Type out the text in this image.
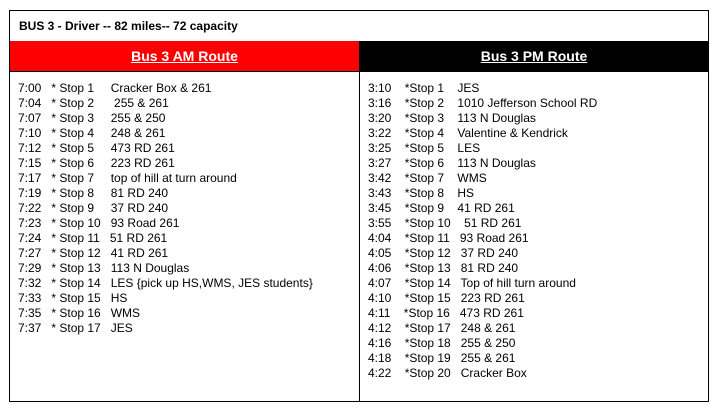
BUS 3 - Driver -- 82 miles-- 72 capacity
Bus 3 AM Route
7:00   * Stop 1     Cracker Box & 261
7:04   * Stop 2      255 & 261
7:07   * Stop 3     255 & 250
7:10   * Stop 4     248 & 261
7:12   * Stop 5     473 RD 261
7:15   * Stop 6     223 RD 261
7:17   * Stop 7     top of hill at turn around
7:19   * Stop 8     81 RD 240
7:22   * Stop 9     37 RD 240
7:23   * Stop 10   93 Road 261
7:24   * Stop 11   51 RD 261
7:27   * Stop 12   41 RD 261
7:29   * Stop 13   113 N Douglas
7:32   * Stop 14   LES {pick up HS,WMS, JES students}
7:33   * Stop 15   HS
7:35   * Stop 16   WMS
7:37   * Stop 17   JES
Bus 3 PM Route
3:10    *Stop 1    JES
3:16    *Stop 2    1010 Jefferson School RD
3:20    *Stop 3    113 N Douglas
3:22    *Stop 4    Valentine & Kendrick
3:25    *Stop 5    LES
3:27    *Stop 6    113 N Douglas
3:42    *Stop 7    WMS
3:43    *Stop 8    HS
3:45    *Stop 9    41 RD 261
3:55    *Stop 10    51 RD 261
4:04    *Stop 11   93 Road 261
4:05    *Stop 12   37 RD 240
4:06    *Stop 13   81 RD 240
4:07    *Stop 14   Top of hill turn around
4:10    *Stop 15   223 RD 261
4:11    *Stop 16   473 RD 261
4:12    *Stop 17   248 & 261
4:16    *Stop 18   255 & 250
4:18    *Stop 19   255 & 261
4:22    *Stop 20   Cracker Box
